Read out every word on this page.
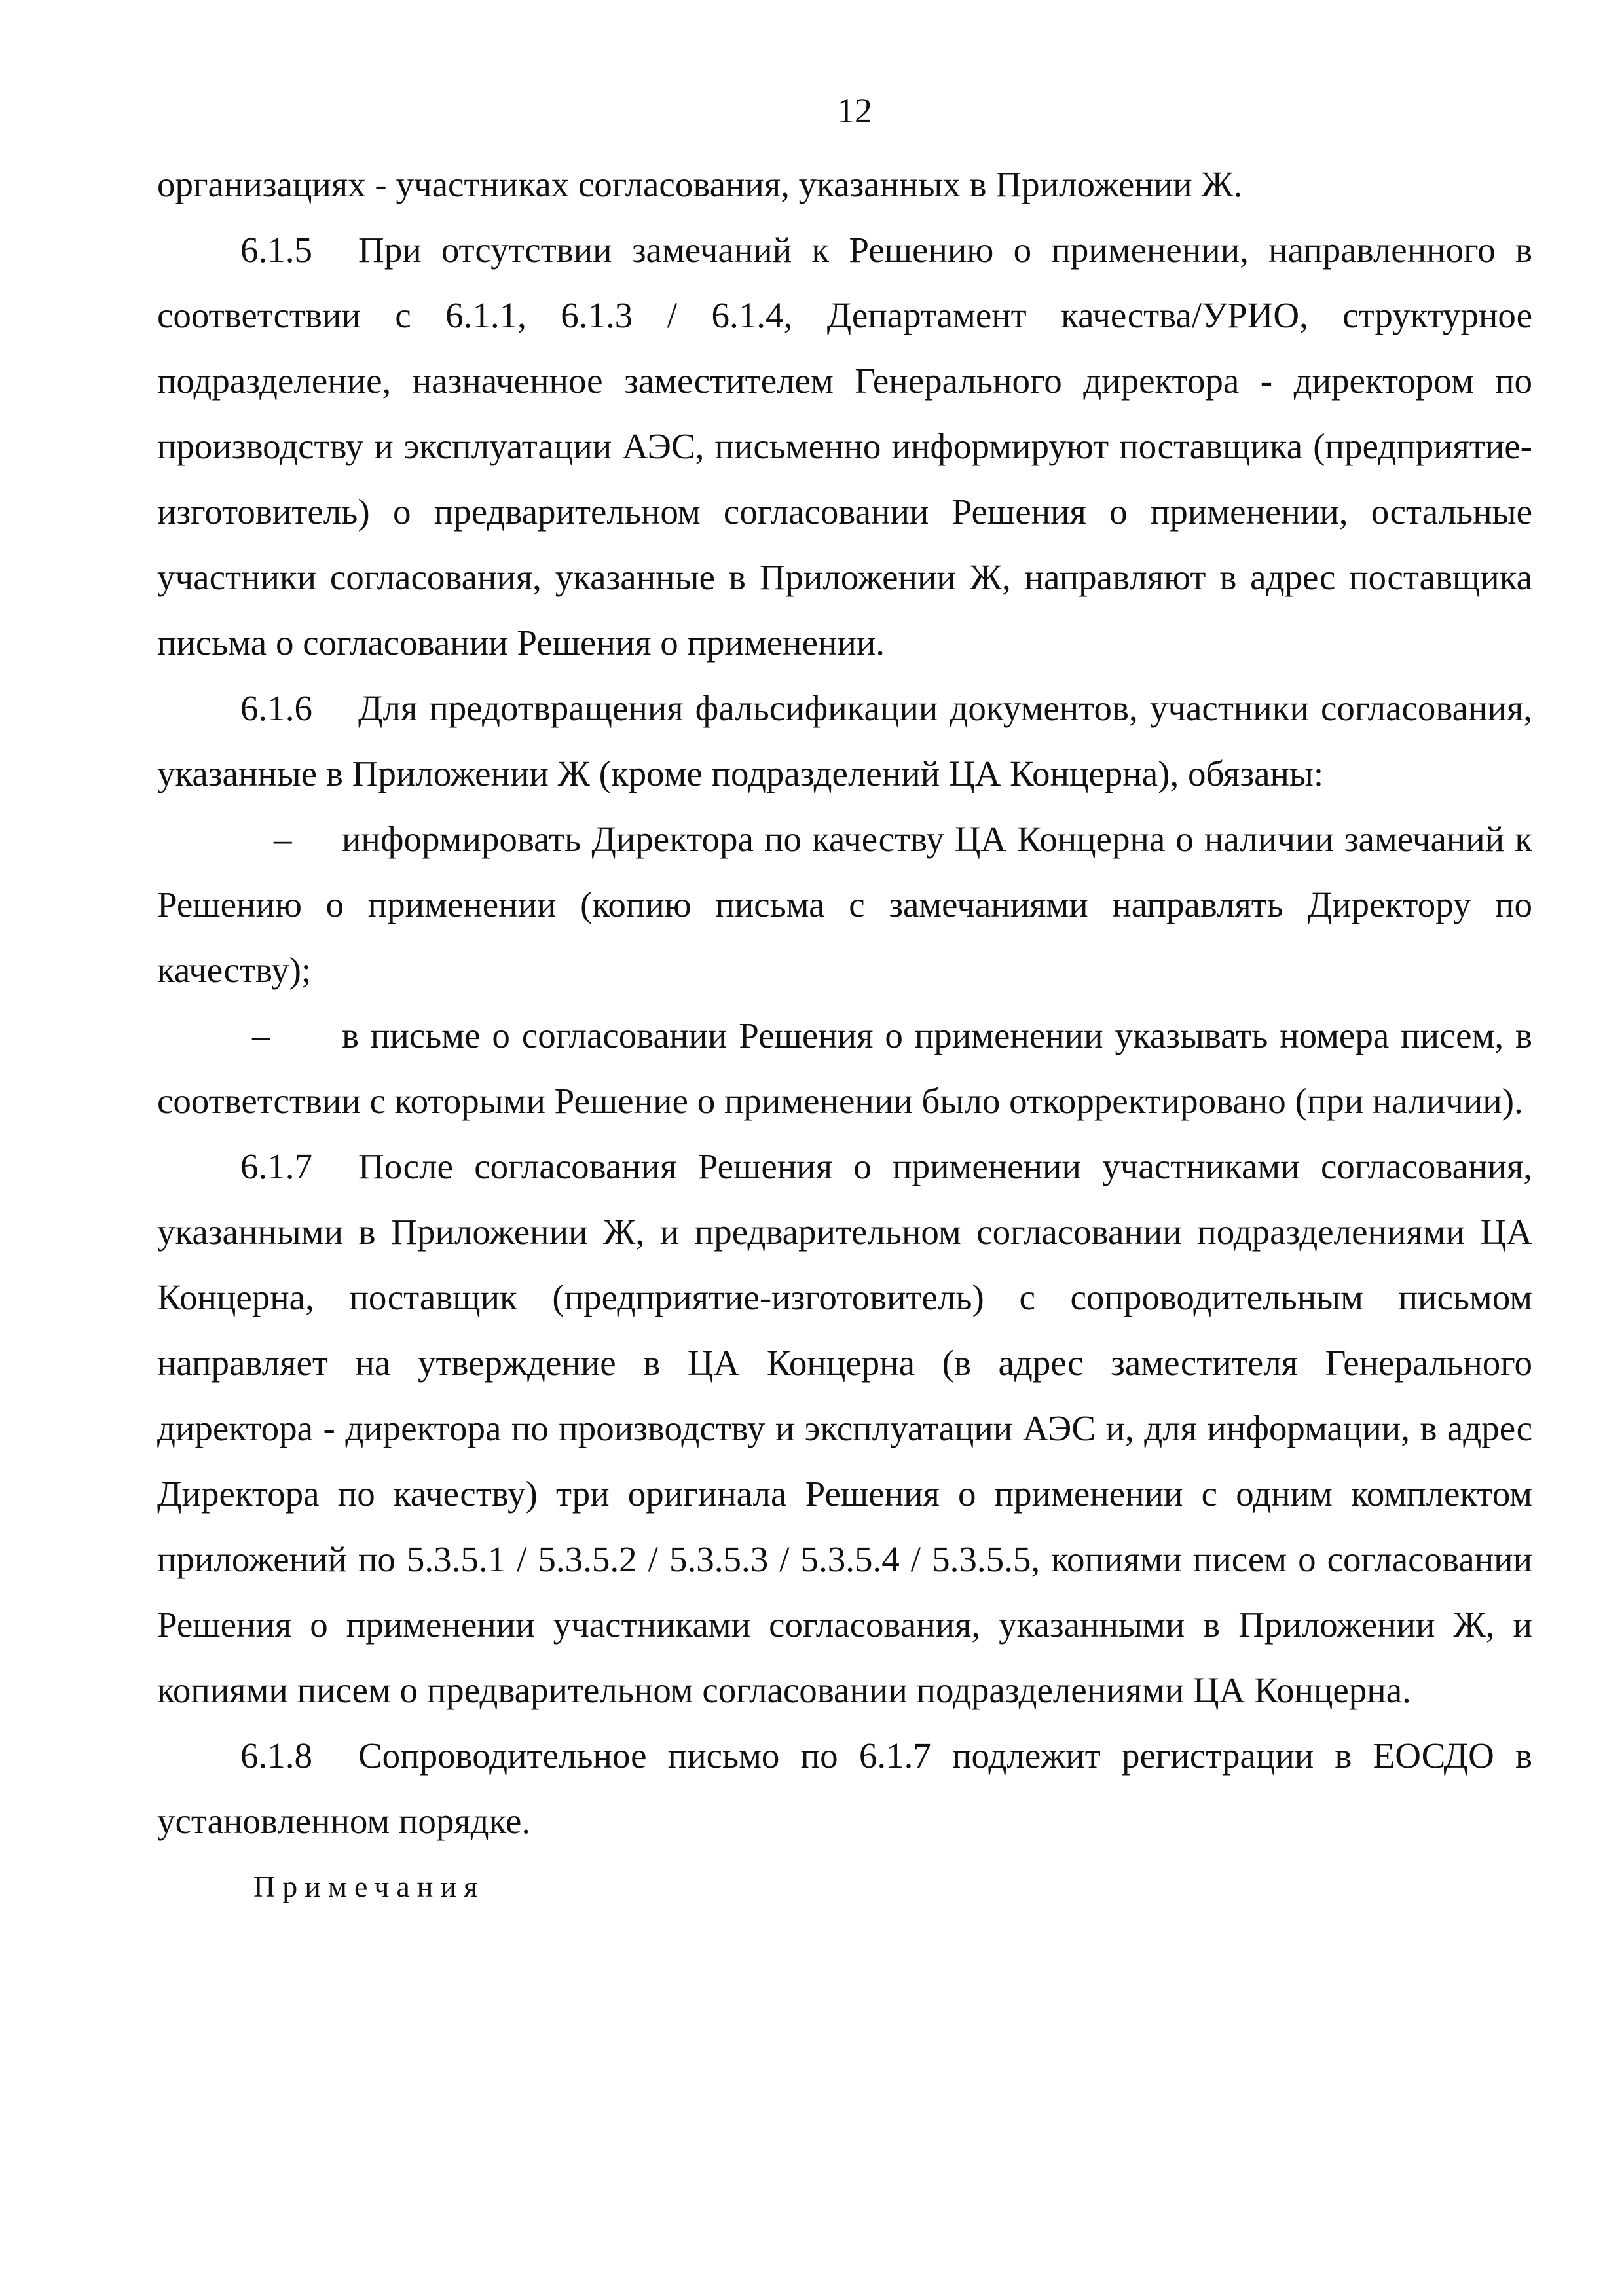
12

организациях - участниках согласования, указанных в Приложении Ж.

6.1.5 При отсутствии замечаний к Решению о применении, направленного в соответствии с 6.1.1, 6.1.3 / 6.1.4, Департамент качества/УРИО, структурное подразделение, назначенное заместителем Генерального директора - директором по производству и эксплуатации АЭС, письменно информируют поставщика (предприятие-изготовитель) о предварительном согласовании Решения о применении, остальные участники согласования, указанные в Приложении Ж, направляют в адрес поставщика письма о согласовании Решения о применении.

6.1.6 Для предотвращения фальсификации документов, участники согласования, указанные в Приложении Ж (кроме подразделений ЦА Концерна), обязаны:

– информировать Директора по качеству ЦА Концерна о наличии замечаний к Решению о применении (копию письма с замечаниями направлять Директору по качеству);

– в письме о согласовании Решения о применении указывать номера писем, в соответствии с которыми Решение о применении было откорректировано (при наличии).

6.1.7 После согласования Решения о применении участниками согласования, указанными в Приложении Ж, и предварительном согласовании подразделениями ЦА Концерна, поставщик (предприятие-изготовитель) с сопроводительным письмом направляет на утверждение в ЦА Концерна (в адрес заместителя Генерального директора - директора по производству и эксплуатации АЭС и, для информации, в адрес Директора по качеству) три оригинала Решения о применении с одним комплектом приложений по 5.3.5.1 / 5.3.5.2 / 5.3.5.3 / 5.3.5.4 / 5.3.5.5, копиями писем о согласовании Решения о применении участниками согласования, указанными в Приложении Ж, и копиями писем о предварительном согласовании подразделениями ЦА Концерна.

6.1.8 Сопроводительное письмо по 6.1.7 подлежит регистрации в ЕОСДО в установленном порядке.

Примечания
